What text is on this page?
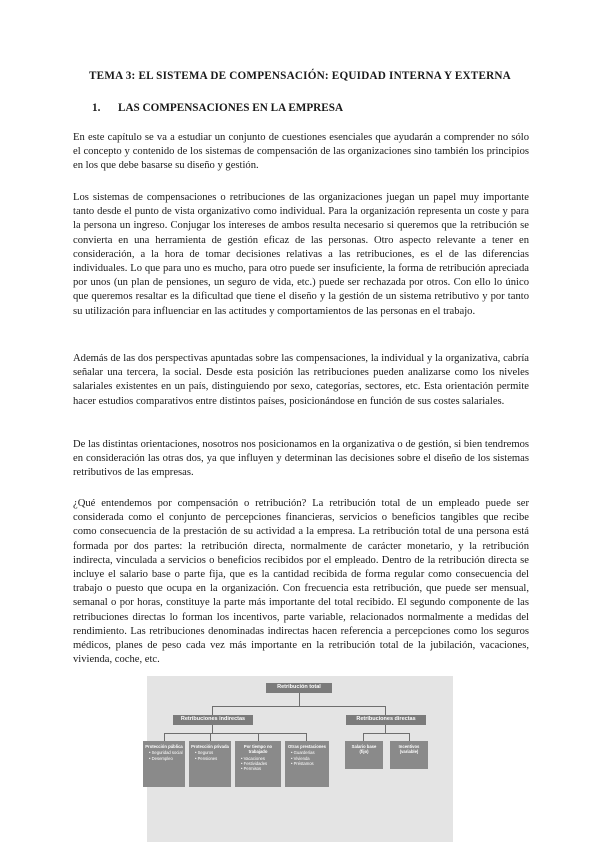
TEMA 3: EL SISTEMA DE COMPENSACIÓN: EQUIDAD INTERNA Y EXTERNA
1. LAS COMPENSACIONES EN LA EMPRESA
En este capítulo se va a estudiar un conjunto de cuestiones esenciales que ayudarán a comprender no sólo el concepto y contenido de los sistemas de compensación de las organizaciones sino también los principios en los que debe basarse su diseño y gestión.
Los sistemas de compensaciones o retribuciones de las organizaciones juegan un papel muy importante tanto desde el punto de vista organizativo como individual. Para la organización representa un coste y para la persona un ingreso. Conjugar los intereses de ambos resulta necesario si queremos que la retribución se convierta en una herramienta de gestión eficaz de las personas. Otro aspecto relevante a tener en consideración, a la hora de tomar decisiones relativas a las retribuciones, es el de las diferencias individuales. Lo que para uno es mucho, para otro puede ser insuficiente, la forma de retribución apreciada por unos (un plan de pensiones, un seguro de vida, etc.) puede ser rechazada por otros. Con ello lo único que queremos resaltar es la dificultad que tiene el diseño y la gestión de un sistema retributivo y por tanto su utilización para influenciar en las actitudes y comportamientos de las personas en el trabajo.
Además de las dos perspectivas apuntadas sobre las compensaciones, la individual y la organizativa, cabría señalar una tercera, la social. Desde esta posición las retribuciones pueden analizarse como los niveles salariales existentes en un país, distinguiendo por sexo, categorías, sectores, etc. Esta orientación permite hacer estudios comparativos entre distintos países, posicionándose en función de sus costes salariales.
De las distintas orientaciones, nosotros nos posicionamos en la organizativa o de gestión, si bien tendremos en consideración las otras dos, ya que influyen y determinan las decisiones sobre el diseño de los sistemas retributivos de las empresas.
¿Qué entendemos por compensación o retribución? La retribución total de un empleado puede ser considerada como el conjunto de percepciones financieras, servicios o beneficios tangibles que recibe como consecuencia de la prestación de su actividad a la empresa. La retribución total de una persona está formada por dos partes: la retribución directa, normalmente de carácter monetario, y la retribución indirecta, vinculada a servicios o beneficios recibidos por el empleado. Dentro de la retribución directa se incluye el salario base o parte fija, que es la cantidad recibida de forma regular como consecuencia del trabajo o puesto que ocupa en la organización. Con frecuencia esta retribución, que puede ser mensual, semanal o por horas, constituye la parte más importante del total recibido. El segundo componente de las retribuciones directas lo forman los incentivos, parte variable, relacionados normalmente a medidas del rendimiento. Las retribuciones denominadas indirectas hacen referencia a percepciones como los seguros médicos, planes de peso cada vez más importante en la retribución total de la jubilación, vacaciones, vivienda, coche, etc.
Retribución total
Retribuciones indirectas	Retribuciones directas
Protección pública
• Seguridad social
• Desempleo
Protección privada
• Seguros
• Pensiones
Por tiempo no trabajado
• Vacaciones
• Festividades
• Permisos
Otras prestaciones
• Guarderías
• Vivienda
• Préstamos
Salario base (fijo)
Incentivos (variable)
